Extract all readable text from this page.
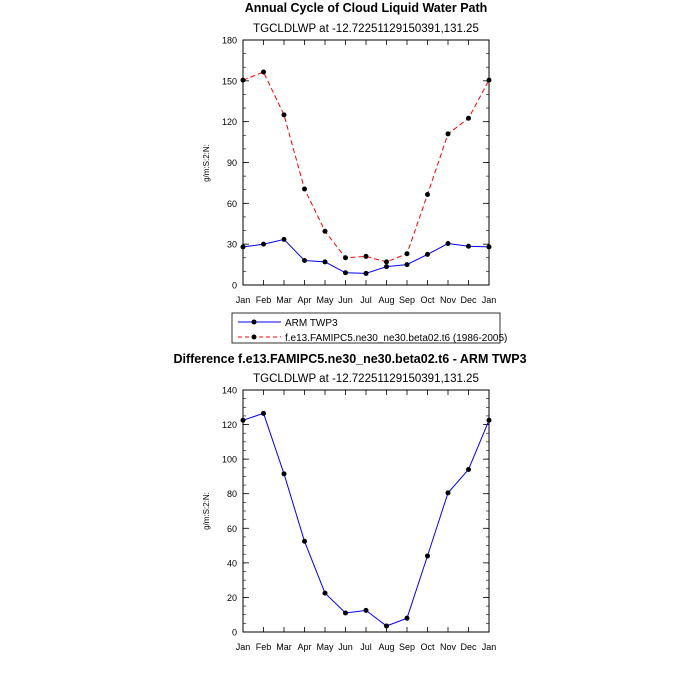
Annual Cycle of Cloud Liquid Water Path
TGCLDLWP at -12.72251129150391,131.25
g/m:S:2:N:
Jan Feb Mar Apr May Jun Jul Aug Sep Oct Nov Dec Jan
0
30
60
90
120
150
180
ARM TWP3
f.e13.FAMIPC5.ne30_ne30.beta02.t6 (1986-2005)
Difference f.e13.FAMIPC5.ne30_ne30.beta02.t6 - ARM TWP3
TGCLDLWP at -12.72251129150391,131.25
g/m:S:2:N:
Jan Feb Mar Apr May Jun Jul Aug Sep Oct Nov Dec Jan
0
20
40
60
80
100
120
140
